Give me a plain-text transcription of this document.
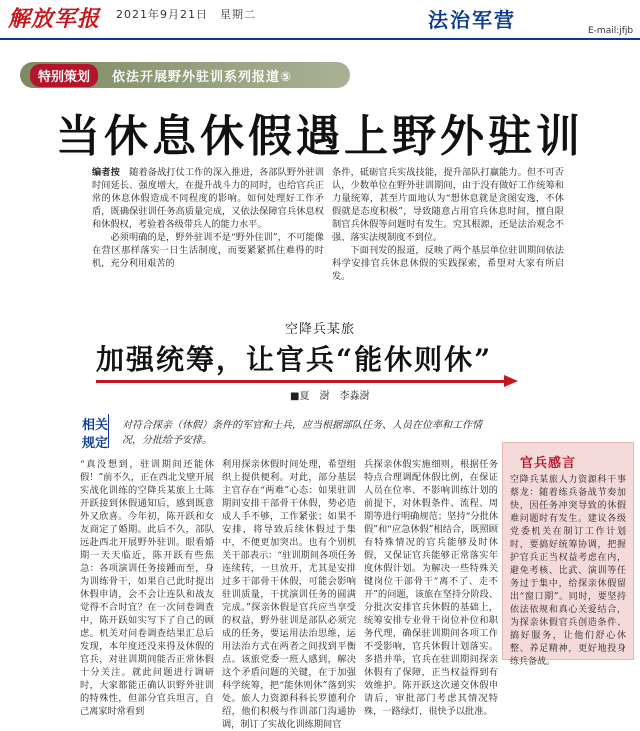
解放军报 2021年9月21日　星期二	法治军营	E-mail:jfjb
特别策划	依法开展野外驻训系列报道⑤
当休息休假遇上野外驻训
编者按　 随着备战打仗工作的深入推进，各部队野外驻训时间延长、强度增大，在提升战斗力的同时，也给官兵正常的休息休假造成不同程度的影响。如何处理好工作矛盾，既确保驻训任务高质量完成，又依法保障官兵休息权和休假权，考验着各级带兵人的能力水平。
必须明确的是，野外驻训不是“野外住训”，不可能像在营区那样落实一日生活制度，而要紧紧抓住难得的时机，充分利用艰苦的
条件，砥砺官兵实战技能，提升部队打赢能力。但不可否认，少数单位在野外驻训期间，由于没有做好工作统筹和力量统筹，甚至片面地认为“想休息就是贪图安逸，不休假就是态度积极”，导致随意占用官兵休息时间，擅自限制官兵休假等问题时有发生。究其根源，还是法治观念不强、落实法规制度不到位。
下面刊发的报道，反映了两个基层单位驻训期间依法科学安排官兵休息休假的实践探索，希望对大家有所启发。
空降兵某旅
加强统筹，让官兵“能休则休”
■夏　澍　李淼澍
相关
规定
对符合探亲（休假）条件的军官和士兵，应当根据部队任务、人员在位率和工作情况，分批给予安排。
“真没想到，驻训期间还能休假！”前不久，正在西北戈壁开展实战化训练的空降兵某旅上士陈开跃接到休假通知后，感到既意外又欣喜。今年初，陈开跃和女友商定了婚期。此后不久，部队远赴西北开展野外驻训。眼看婚期一天天临近，陈开跃有些焦急：各项演训任务接踵而至，身为训练骨干，如果自己此时提出休假申请，会不会让连队和战友觉得不合时宜？在一次问卷调查中，陈开跃如实写下了自己的顾虑。机关对问卷调查结果汇总后发现，本年度还没来得及休假的官兵，对驻训期间能否正常休假十分关注。就此问题进行调研时，大家都能正确认识野外驻训的特殊性，但部分官兵坦言，自己离家时常看到
利用探亲休假时间处理，希望组织上提供便利。对此，部分基层主官存在“两难”心态：如果驻训期间安排干部骨干休假，势必造成人手不够，工作紧张；如果不安排，将导致后续休假过于集中，不便更加突出。也有个别机关干部表示：“驻训期间各项任务连续转，一旦放开，尤其是安排过多干部骨干休假，可能会影响驻训质量，干扰演训任务的圆满完成。”探亲休假是官兵应当享受的权益，野外驻训是部队必须完成的任务，要运用法治思维，运用法治方式在两者之间找到平衡点。该旅党委一班人感到，解决这个矛盾问题的关键，在于加强科学统筹，把“能休则休”落到实处。旅人力资源科科长罗德利介绍，他们积极与作训部门沟通协调，制订了实战化训练期间官
兵探亲休假实施细则，根据任务特点合理调配休假比例，在保证人员在位率、不影响训练计划的前提下，对休假条件、流程、周期等进行明确规范；坚持“分批休假”和“应急休假”相结合，既照顾有特殊情况的官兵能够及时休假，又保证官兵能够正常落实年度休假计划。为解决一些特殊关键岗位干部骨干“离不了、走不开”的问题，该旅在坚持分阶段、分批次安排官兵休假的基础上，统筹安排专业骨干岗位补位和职务代理，确保驻训期间各项工作不受影响，官兵休假计划落实。多措并举，官兵在驻训期间探亲休假有了保障，正当权益得到有效维护。陈开跃这次递交休假申请后，审批部门考虑其情况特殊，一路绿灯，很快予以批准。
官兵感言
空降兵某旅人力资源科干事蔡龙：随着练兵备战节奏加快，因任务冲突导致的休假难问题时有发生。建议各级党委机关在制订工作计划时，要搞好统筹协调，把握护官兵正当权益考虑在内，避免考核、比武、演训等任务过于集中，给探亲休假留出“窗口期”。同时，要坚持依法依规和真心关爱结合，为探亲休假官兵创造条件、搞好服务，让他们舒心休整、养足精神，更好地投身练兵备战。
